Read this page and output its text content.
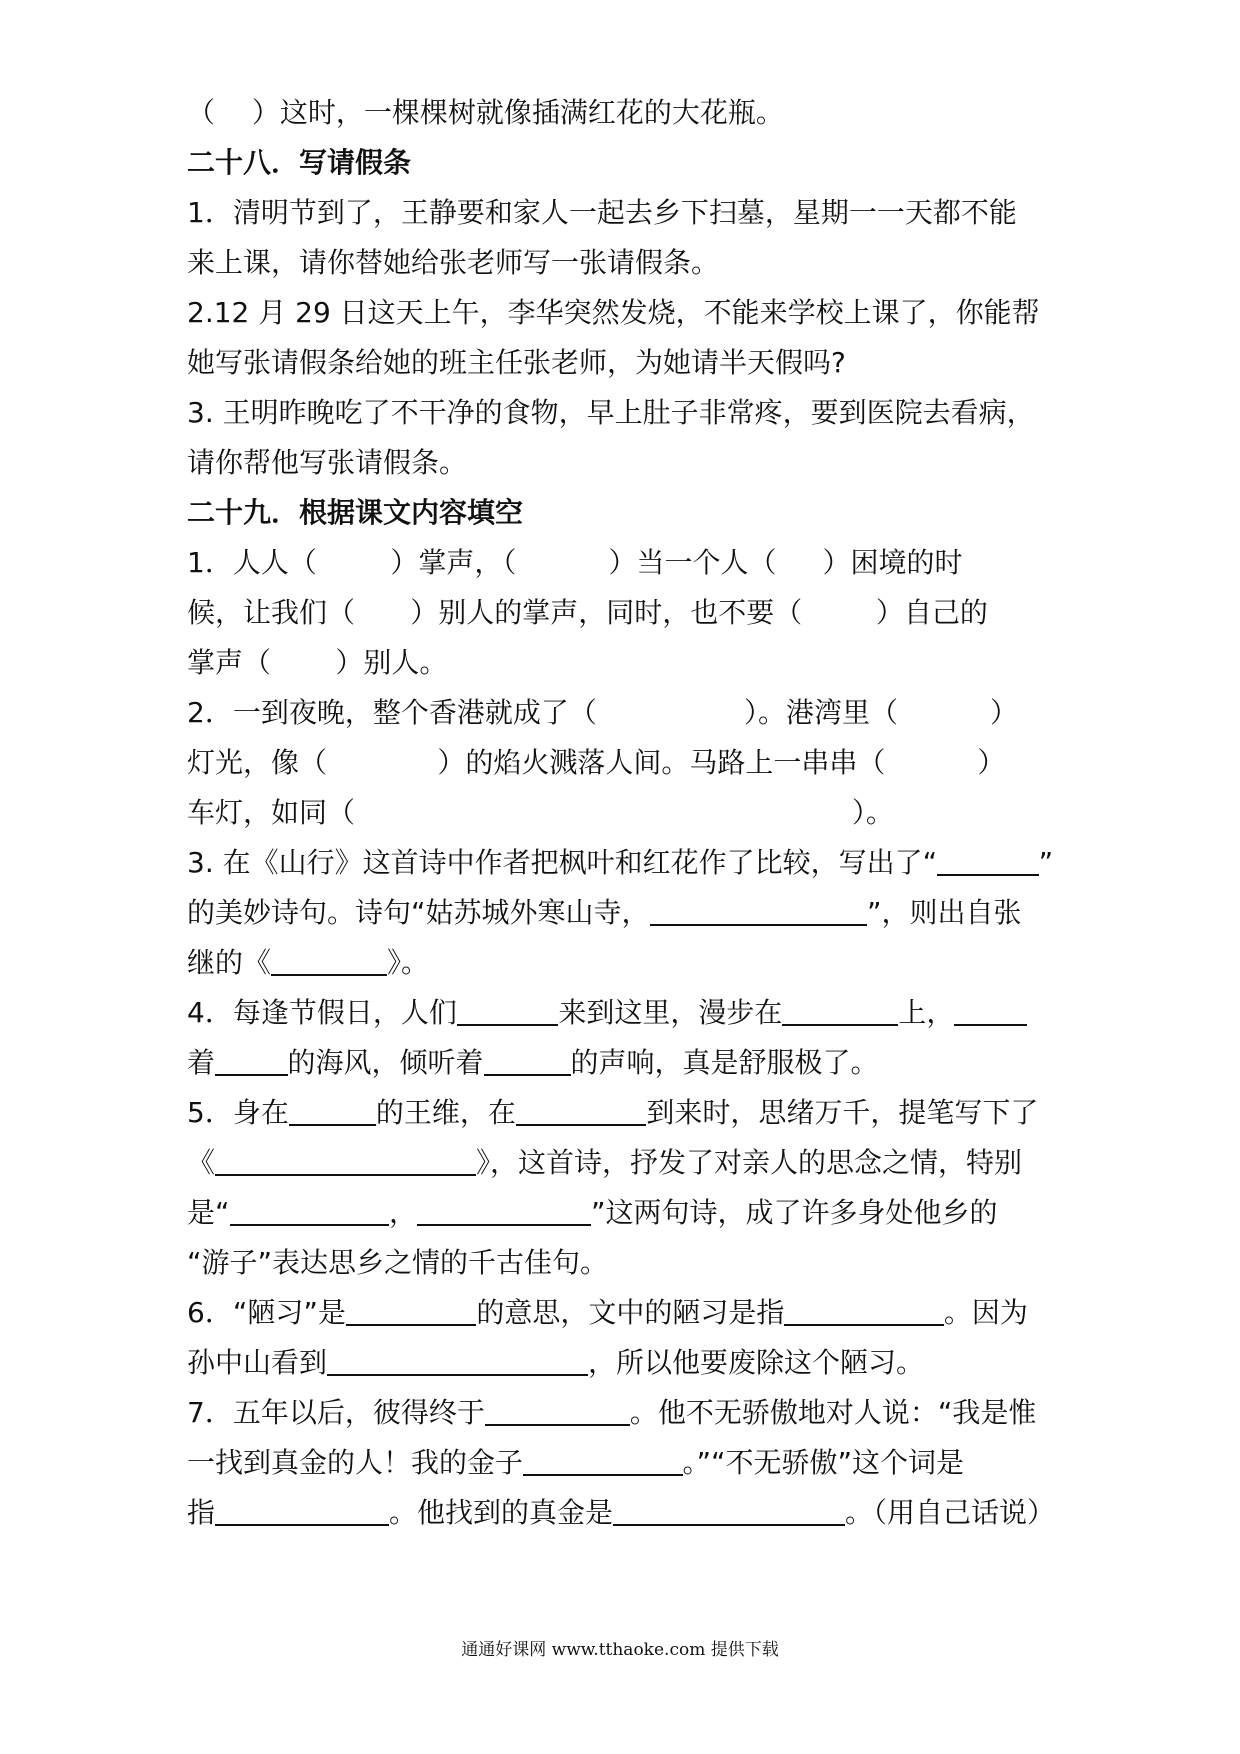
（ ）这时，一棵棵树就像插满红花的大花瓶。
二十八．写请假条
1．清明节到了，王静要和家人一起去乡下扫墓，星期一一天都不能
来上课，请你替她给张老师写一张请假条。
2.12 月 29 日这天上午，李华突然发烧，不能来学校上课了，你能帮
她写张请假条给她的班主任张老师，为她请半天假吗?
3. 王明昨晚吃了不干净的食物，早上肚子非常疼，要到医院去看病，
请你帮他写张请假条。
二十九．根据课文内容填空
1．人人（	）掌声，（	）当一个人（ ）困境的时
候，让我们（ ）别人的掌声，同时，也不要（	）自己的
掌声（ ）别人。
2．一到夜晚，整个香港就成了（	）。港湾里（	）
灯光，像（	）的焰火溅落人间。马路上一串串（	）
车灯，如同（	）。
3. 在《山行》这首诗中作者把枫叶和红花作了比较，写出了“	”
的美妙诗句。诗句“姑苏城外寒山寺，	”，则出自张
继的《	》。
4．每逢节假日，人们	来到这里，漫步在	上，
着	的海风，倾听着	的声响，真是舒服极了。
5．身在	的王维，在	到来时，思绪万千，提笔写下了
《	》，这首诗，抒发了对亲人的思念之情，特别
是“	，	”这两句诗，成了许多身处他乡的
“游子”表达思乡之情的千古佳句。
6．“陋习”是	的意思，文中的陋习是指	。因为
孙中山看到	，所以他要废除这个陋习。
7．五年以后，彼得终于	。他不无骄傲地对人说：“我是惟
一找到真金的人！我的金子	。”“不无骄傲”这个词是
指	。他找到的真金是	。（用自己话说）
通通好课网 www.tthaoke.com 提供下载
